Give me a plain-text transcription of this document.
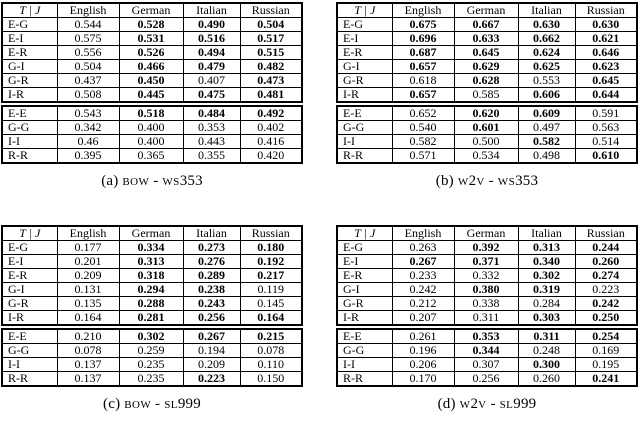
T | J	English	German	Italian	Russian
E-G	0.544	0.528	0.490	0.504
E-I	0.575	0.531	0.516	0.517
E-R	0.556	0.526	0.494	0.515
G-I	0.504	0.466	0.479	0.482
G-R	0.437	0.450	0.407	0.473
I-R	0.508	0.445	0.475	0.481
E-E	0.543	0.518	0.484	0.492
G-G	0.342	0.400	0.353	0.402
I-I	0.46	0.400	0.443	0.416
R-R	0.395	0.365	0.355	0.420
(a) BOW - WS353
T | J	English	German	Italian	Russian
E-G	0.675	0.667	0.630	0.630
E-I	0.696	0.633	0.662	0.621
E-R	0.687	0.645	0.624	0.646
G-I	0.657	0.629	0.625	0.623
G-R	0.618	0.628	0.553	0.645
I-R	0.657	0.585	0.606	0.644
E-E	0.652	0.620	0.609	0.591
G-G	0.540	0.601	0.497	0.563
I-I	0.582	0.500	0.582	0.514
R-R	0.571	0.534	0.498	0.610
(b) W2V - WS353
T | J	English	German	Italian	Russian
E-G	0.177	0.334	0.273	0.180
E-I	0.201	0.313	0.276	0.192
E-R	0.209	0.318	0.289	0.217
G-I	0.131	0.294	0.238	0.119
G-R	0.135	0.288	0.243	0.145
I-R	0.164	0.281	0.256	0.164
E-E	0.210	0.302	0.267	0.215
G-G	0.078	0.259	0.194	0.078
I-I	0.137	0.235	0.209	0.110
R-R	0.137	0.235	0.223	0.150
(c) BOW - SL999
T | J	English	German	Italian	Russian
E-G	0.263	0.392	0.313	0.244
E-I	0.267	0.371	0.340	0.260
E-R	0.233	0.332	0.302	0.274
G-I	0.242	0.380	0.319	0.223
G-R	0.212	0.338	0.284	0.242
I-R	0.207	0.311	0.303	0.250
E-E	0.261	0.353	0.311	0.254
G-G	0.196	0.344	0.248	0.169
I-I	0.206	0.307	0.300	0.195
R-R	0.170	0.256	0.260	0.241
(d) W2V - SL999
